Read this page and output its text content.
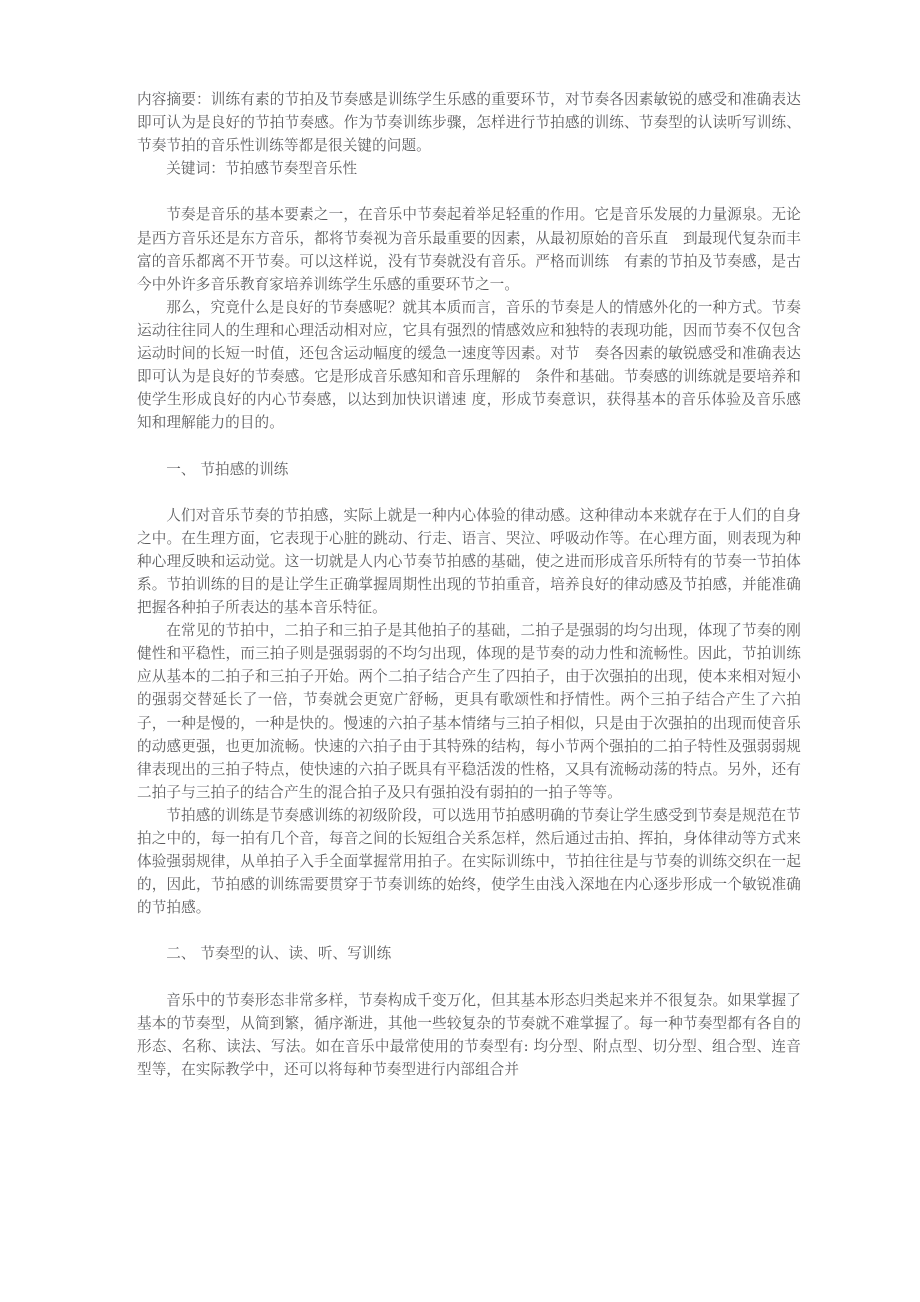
内容摘要：训练有素的节拍及节奏感是训练学生乐感的重要环节，对节奏各因素敏锐的感受和准确表达即可认为是良好的节拍节奏感。作为节奏训练步骤，怎样进行节拍感的训练、节奏型的认读听写训练、节奏节拍的音乐性训练等都是很关键的问题。

关键词：节拍感节奏型音乐性

节奏是音乐的基本要素之一，在音乐中节奏起着举足轻重的作用。它是音乐发展的力量源泉。无论是西方音乐还是东方音乐，都将节奏视为音乐最重要的因素，从最初原始的音乐直　到最现代复杂而丰富的音乐都离不开节奏。可以这样说，没有节奏就没有音乐。严格而训练　有素的节拍及节奏感，是古今中外许多音乐教育家培养训练学生乐感的重要环节之一。

那么，究竟什么是良好的节奏感呢？就其本质而言，音乐的节奏是人的情感外化的一种方式。节奏运动往往同人的生理和心理活动相对应，它具有强烈的情感效应和独特的表现功能，因而节奏不仅包含运动时间的长短一时值，还包含运动幅度的缓急一速度等因素。对节　奏各因素的敏锐感受和准确表达即可认为是良好的节奏感。它是形成音乐感知和音乐理解的　条件和基础。节奏感的训练就是要培养和使学生形成良好的内心节奏感，以达到加快识谱速 度，形成节奏意识，获得基本的音乐体验及音乐感知和理解能力的目的。

一、 节拍感的训练

人们对音乐节奏的节拍感，实际上就是一种内心体验的律动感。这种律动本来就存在于人们的自身之中。在生理方面，它表现于心脏的跳动、行走、语言、哭泣、呼吸动作等。在心理方面，则表现为种种心理反映和运动觉。这一切就是人内心节奏节拍感的基础，使之进而形成音乐所特有的节奏一节拍体系。节拍训练的目的是让学生正确掌握周期性出现的节拍重音，培养良好的律动感及节拍感，并能准确把握各种拍子所表达的基本音乐特征。

在常见的节拍中，二拍子和三拍子是其他拍子的基础，二拍子是强弱的均匀出现，体现了节奏的刚健性和平稳性，而三拍子则是强弱弱的不均匀出现，体现的是节奏的动力性和流畅性。因此，节拍训练应从基本的二拍子和三拍子开始。两个二拍子结合产生了四拍子，由于次强拍的出现，使本来相对短小的强弱交替延长了一倍，节奏就会更宽广舒畅，更具有歌颂性和抒情性。两个三拍子结合产生了六拍子，一种是慢的，一种是快的。慢速的六拍子基本情绪与三拍子相似，只是由于次强拍的出现而使音乐的动感更强，也更加流畅。快速的六拍子由于其特殊的结构，每小节两个强拍的二拍子特性及强弱弱规律表现出的三拍子特点，使快速的六拍子既具有平稳活泼的性格，又具有流畅动荡的特点。另外，还有二拍子与三拍子的结合产生的混合拍子及只有强拍没有弱拍的一拍子等等。

节拍感的训练是节奏感训练的初级阶段，可以选用节拍感明确的节奏让学生感受到节奏是规范在节拍之中的，每一拍有几个音，每音之间的长短组合关系怎样，然后通过击拍、挥拍，身体律动等方式来体验强弱规律，从单拍子入手全面掌握常用拍子。在实际训练中，节拍往往是与节奏的训练交织在一起的，因此，节拍感的训练需要贯穿于节奏训练的始终，使学生由浅入深地在内心逐步形成一个敏锐准确的节拍感。

二、 节奏型的认、读、听、写训练

音乐中的节奏形态非常多样，节奏构成千变万化，但其基本形态归类起来并不很复杂。如果掌握了基本的节奏型，从简到繁，循序渐进，其他一些较复杂的节奏就不难掌握了。每一种节奏型都有各自的形态、名称、读法、写法。如在音乐中最常使用的节奏型有: 均分型、附点型、切分型、组合型、连音型等，在实际教学中，还可以将每种节奏型进行内部组合并
